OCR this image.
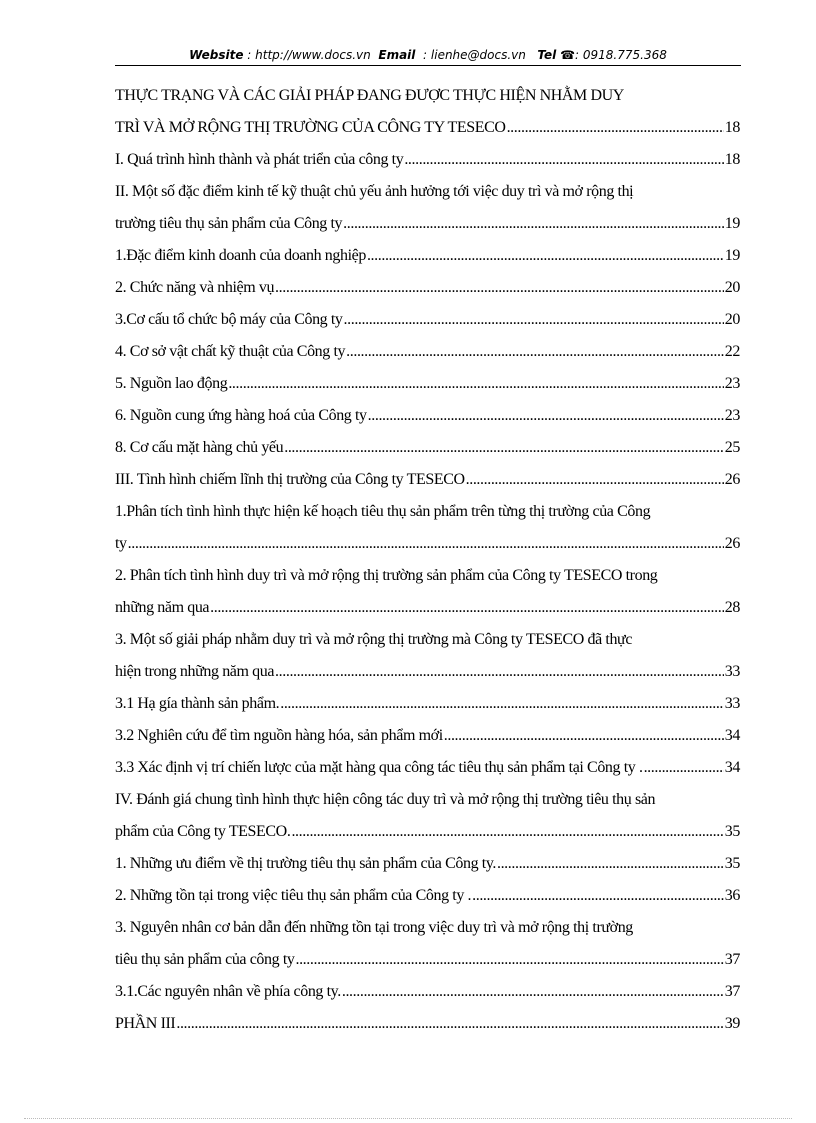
Website : http://www.docs.vn Email : lienhe@docs.vn Tel ☎: 0918.775.368
THỰC TRẠNG VÀ CÁC GIẢI PHÁP ĐANG ĐƯỢC THỰC HIỆN NHẰM DUY
TRÌ VÀ MỞ RỘNG THỊ TRƯỜNG CỦA CÔNG TY TESECO .....	18
I. Quá trình hình thành và phát triển của công ty .....	18
II. Một số đặc điểm kinh tế kỹ thuật chủ yếu ảnh hưởng tới việc duy trì và mở rộng thị
trường tiêu thụ sản phẩm của Công ty .....	19
1.Đặc điểm kinh doanh của doanh nghiệp .....	19
2. Chức năng và nhiệm vụ .....	20
3.Cơ cấu tổ chức bộ máy của Công ty .....	20
4. Cơ sở vật chất kỹ thuật của Công ty .....	22
5. Nguồn lao động .....	23
6. Nguồn cung ứng hàng hoá của Công ty .....	23
8. Cơ cấu mặt hàng chủ yếu .....	25
III. Tình hình chiếm lĩnh thị trường của Công ty TESECO .....	26
1.Phân tích tình hình thực hiện kế hoạch tiêu thụ sản phẩm trên từng thị trường của Công
ty .....	26
2. Phân tích tình hình duy trì và mở rộng thị trường sản phẩm của Công ty TESECO trong
những năm qua .....	28
3. Một số giải pháp nhằm duy trì và mở rộng thị trường mà Công ty TESECO đã thực
hiện trong những năm qua .....	33
3.1 Hạ gía thành sản phẩm. .....	33
3.2 Nghiên cứu để tìm nguồn hàng hóa, sản phẩm mới .....	34
3.3 Xác định vị trí chiến lược của mặt hàng qua công tác tiêu thụ sản phẩm tại Công ty . .....	34
IV. Đánh giá chung tình hình thực hiện công tác duy trì và mở rộng thị trường tiêu thụ sản
phẩm của Công ty TESECO. .....	35
1. Những ưu điểm về thị trường tiêu thụ sản phẩm của Công ty. .....	35
2. Những tồn tại trong việc tiêu thụ sản phẩm của Công ty . .....	36
3. Nguyên nhân cơ bản dẫn đến những tồn tại trong việc duy trì và mở rộng thị trường
tiêu thụ sản phẩm của công ty .....	37
3.1.Các nguyên nhân về phía công ty. .....	37
PHẦN III .....	39
